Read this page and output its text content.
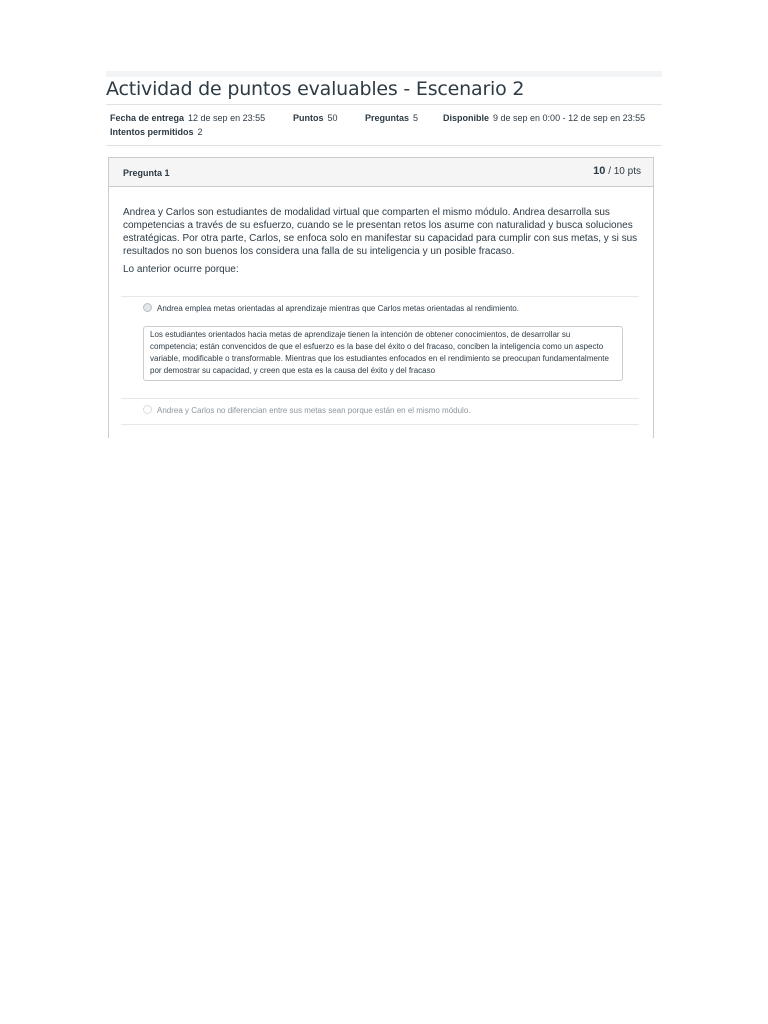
Actividad de puntos evaluables - Escenario 2
Fecha de entrega 12 de sep en 23:55	Puntos 50	Preguntas 5	Disponible 9 de sep en 0:00 - 12 de sep en 23:55
Intentos permitidos 2
Pregunta 1	10 / 10 pts
Andrea y Carlos son estudiantes de modalidad virtual que comparten el mismo módulo. Andrea desarrolla sus competencias a través de su esfuerzo, cuando se le presentan retos los asume con naturalidad y busca soluciones estratégicas. Por otra parte, Carlos, se enfoca solo en manifestar su capacidad para cumplir con sus metas, y si sus resultados no son buenos los considera una falla de su inteligencia y un posible fracaso.
Lo anterior ocurre porque:
Andrea emplea metas orientadas al aprendizaje mientras que Carlos metas orientadas al rendimiento.
Los estudiantes orientados hacia metas de aprendizaje tienen la intención de obtener conocimientos, de desarrollar su competencia; están convencidos de que el esfuerzo es la base del éxito o del fracaso, conciben la inteligencia como un aspecto variable, modificable o transformable. Mientras que los estudiantes enfocados en el rendimiento se preocupan fundamentalmente por demostrar su capacidad, y creen que esta es la causa del éxito y del fracaso
Andrea y Carlos no diferencian entre sus metas sean porque están en el mismo módulo.
